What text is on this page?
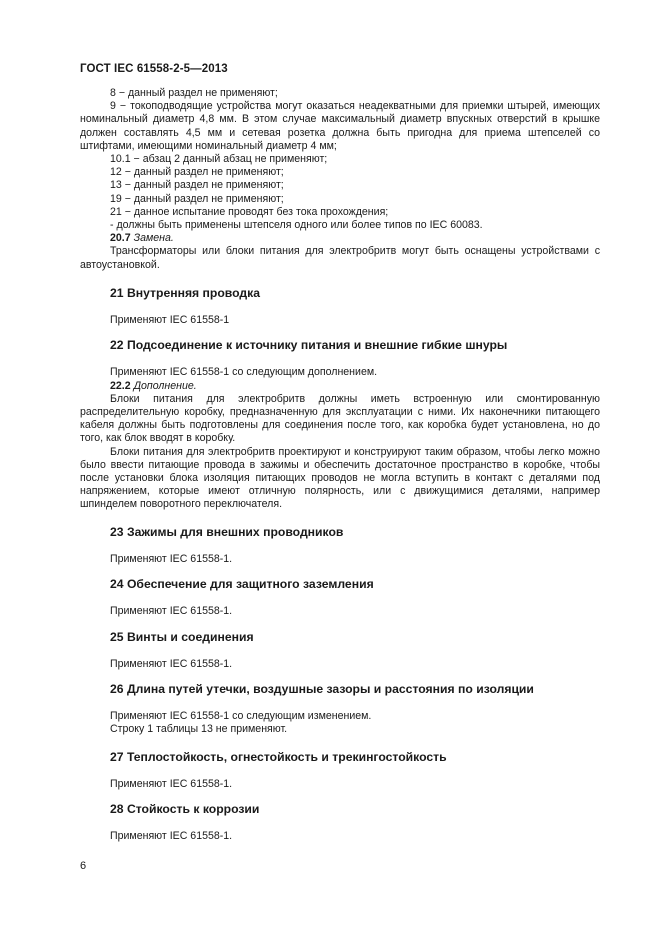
ГОСТ IEC 61558-2-5—2013

8 − данный раздел не применяют;

9 − токоподводящие устройства могут оказаться неадекватными для приемки штырей, имеющих номинальный диаметр 4,8 мм. В этом случае максимальный диаметр впускных отверстий в крышке должен составлять 4,5 мм и сетевая розетка должна быть пригодна для приема штепселей со штифтами, имеющими номинальный диаметр 4 мм;

10.1 − абзац 2 данный абзац не применяют;

12 − данный раздел не применяют;

13 − данный раздел не применяют;

19 − данный раздел не применяют;

21 − данное испытание проводят без тока прохождения;

- должны быть применены штепселя одного или более типов по IEC 60083.

20.7 Замена.

Трансформаторы или блоки питания для электробритв могут быть оснащены устройствами с автоустановкой.

21 Внутренняя проводка

Применяют IEC 61558-1

22 Подсоединение к источнику питания и внешние гибкие шнуры

Применяют IEC 61558-1 со следующим дополнением.

22.2 Дополнение.

Блоки питания для электробритв должны иметь встроенную или смонтированную распределительную коробку, предназначенную для эксплуатации с ними. Их наконечники питающего кабеля должны быть подготовлены для соединения после того, как коробка будет установлена, но до того, как блок вводят в коробку.

Блоки питания для электробритв проектируют и конструируют таким образом, чтобы легко можно было ввести питающие провода в зажимы и обеспечить достаточное пространство в коробке, чтобы после установки блока изоляция питающих проводов не могла вступить в контакт с деталями под напряжением, которые имеют отличную полярность, или с движущимися деталями, например шпинделем поворотного переключателя.

23 Зажимы для внешних проводников

Применяют IEC 61558-1.

24 Обеспечение для защитного заземления

Применяют IEC 61558-1.

25 Винты и соединения

Применяют IEC 61558-1.

26 Длина путей утечки, воздушные зазоры и расстояния по изоляции

Применяют IEC 61558-1 со следующим изменением.

Строку 1 таблицы 13 не применяют.

27 Теплостойкость, огнестойкость и трекингостойкость

Применяют IEC 61558-1.

28 Стойкость к коррозии

Применяют IEC 61558-1.

6
